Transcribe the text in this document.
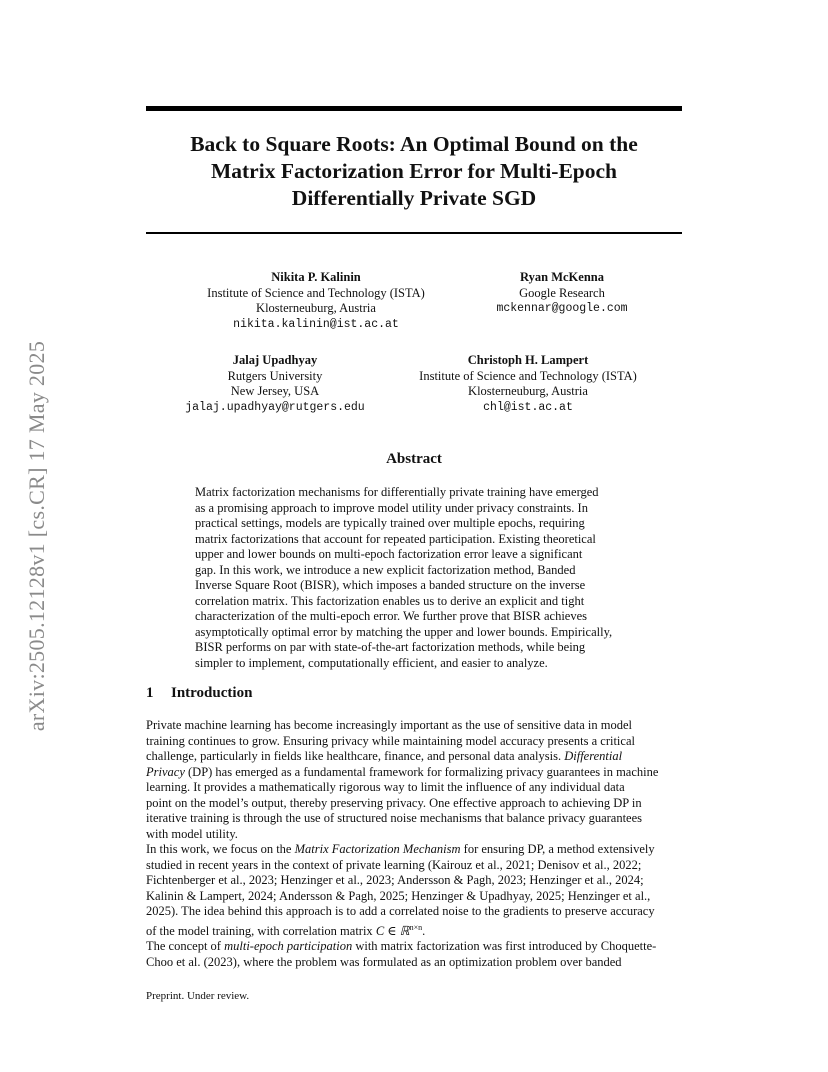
arXiv:2505.12128v1 [cs.CR] 17 May 2025
Back to Square Roots: An Optimal Bound on the
Matrix Factorization Error for Multi-Epoch
Differentially Private SGD
Nikita P. Kalinin
Institute of Science and Technology (ISTA)
Klosterneuburg, Austria
nikita.kalinin@ist.ac.at
Ryan McKenna
Google Research
mckennar@google.com
Jalaj Upadhyay
Rutgers University
New Jersey, USA
jalaj.upadhyay@rutgers.edu
Christoph H. Lampert
Institute of Science and Technology (ISTA)
Klosterneuburg, Austria
chl@ist.ac.at
Abstract
Matrix factorization mechanisms for differentially private training have emerged
as a promising approach to improve model utility under privacy constraints. In
practical settings, models are typically trained over multiple epochs, requiring
matrix factorizations that account for repeated participation. Existing theoretical
upper and lower bounds on multi-epoch factorization error leave a significant
gap. In this work, we introduce a new explicit factorization method, Banded
Inverse Square Root (BISR), which imposes a banded structure on the inverse
correlation matrix. This factorization enables us to derive an explicit and tight
characterization of the multi-epoch error. We further prove that BISR achieves
asymptotically optimal error by matching the upper and lower bounds. Empirically,
BISR performs on par with state-of-the-art factorization methods, while being
simpler to implement, computationally efficient, and easier to analyze.
1 Introduction
Private machine learning has become increasingly important as the use of sensitive data in model
training continues to grow. Ensuring privacy while maintaining model accuracy presents a critical
challenge, particularly in fields like healthcare, finance, and personal data analysis. Differential
Privacy (DP) has emerged as a fundamental framework for formalizing privacy guarantees in machine
learning. It provides a mathematically rigorous way to limit the influence of any individual data
point on the model’s output, thereby preserving privacy. One effective approach to achieving DP in
iterative training is through the use of structured noise mechanisms that balance privacy guarantees
with model utility.
In this work, we focus on the Matrix Factorization Mechanism for ensuring DP, a method extensively
studied in recent years in the context of private learning (Kairouz et al., 2021; Denisov et al., 2022;
Fichtenberger et al., 2023; Henzinger et al., 2023; Andersson & Pagh, 2023; Henzinger et al., 2024;
Kalinin & Lampert, 2024; Andersson & Pagh, 2025; Henzinger & Upadhyay, 2025; Henzinger et al.,
2025). The idea behind this approach is to add a correlated noise to the gradients to preserve accuracy
of the model training, with correlation matrix C ∈ ℝ$^{n\times n}$.
The concept of multi-epoch participation with matrix factorization was first introduced by Choquette-
Choo et al. (2023), where the problem was formulated as an optimization problem over banded
Preprint. Under review.
